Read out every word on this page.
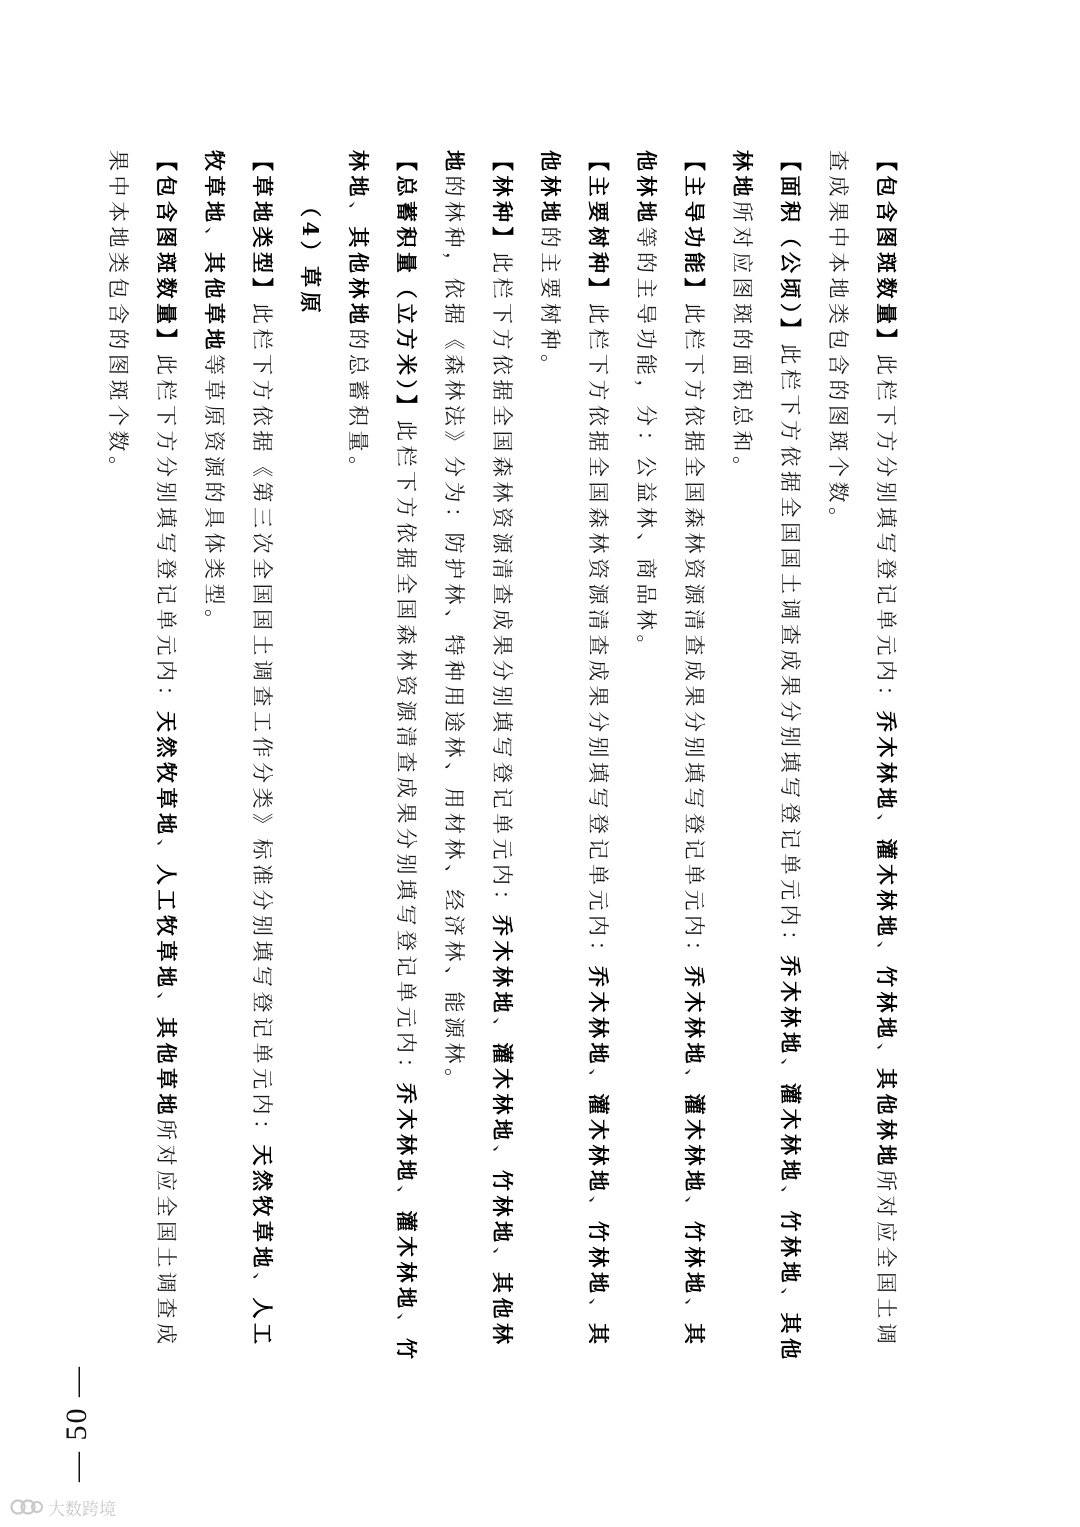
【包含图斑数量】此栏下方分别填写登记单元内：乔木林地、灌木林地、竹林地、其他林地所对应全国土调查成果中本地类包含的图斑个数。

【面积（公顷）】此栏下方依据全国国土调查成果分别填写登记单元内：乔木林地、灌木林地、竹林地、其他林地所对应图斑的面积总和。

【主导功能】此栏下方依据全国森林资源清查成果分别填写登记单元内：乔木林地、灌木林地、竹林地、其他林地等的主导功能，分：公益林、商品林。

【主要树种】此栏下方依据全国森林资源清查成果分别填写登记单元内：乔木林地、灌木林地、竹林地、其他林地的主要树种。

【林种】此栏下方依据全国森林资源清查成果分别填写登记单元内：乔木林地、灌木林地、竹林地、其他林地的林种，依据《森林法》分为：防护林、特种用途林、用材林、经济林、能源林。

【总蓄积量（立方米）】此栏下方依据全国森林资源清查成果分别填写登记单元内：乔木林地、灌木林地、竹林地、其他林地的总蓄积量。

（4）草原

【草地类型】此栏下方依据《第三次全国国土调查工作分类》标准分别填写登记单元内：天然牧草地、人工牧草地、其他草地等草原资源的具体类型。

【包含图斑数量】此栏下方分别填写登记单元内：天然牧草地、人工牧草地、其他草地所对应全国土调查成果中本地类包含的图斑个数。

— 50 —
大数跨境
